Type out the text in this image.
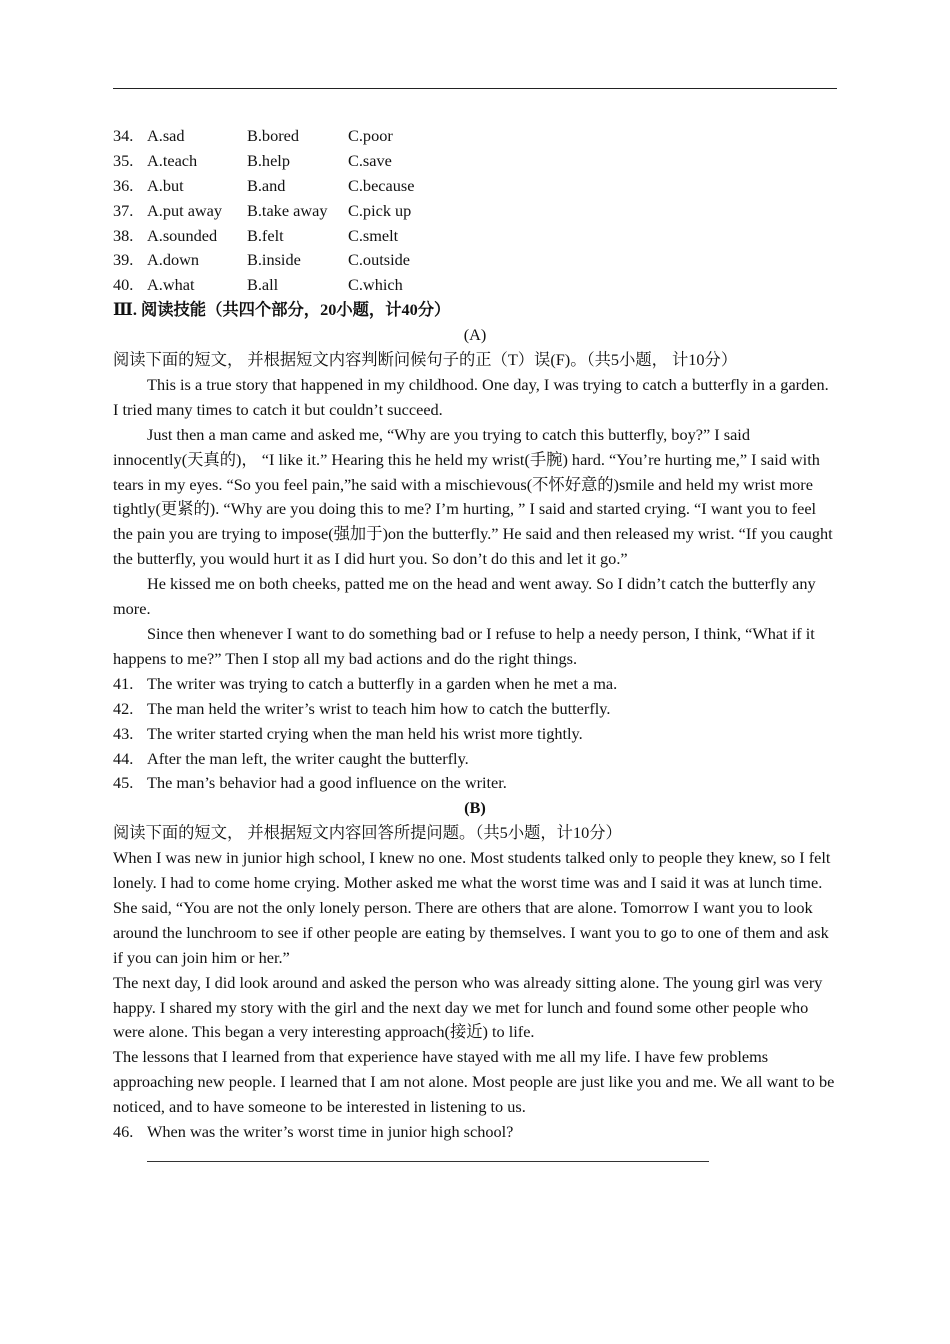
34. A.sad	B.bored	C.poor
35. A.teach	B.help	C.save
36. A.but	B.and	C.because
37. A.put away	B.take away	C.pick up
38. A.sounded	B.felt	C.smelt
39. A.down	B.inside	C.outside
40. A.what	B.all	C.which
Ⅲ. 阅读技能（共四个部分，20小题，计40分）
(A)
阅读下面的短文， 并根据短文内容判断问候句子的正（T）误(F)。（共5小题， 计10分）

This is a true story that happened in my childhood. One day, I was trying to catch a butterfly in a garden. I tried many times to catch it but couldn’t succeed.

Just then a man came and asked me, “Why are you trying to catch this butterfly, boy?” I said innocently(天真的)， “I like it.” Hearing this he held my wrist(手腕) hard. “You’re hurting me,” I said with tears in my eyes. “So you feel pain,”he said with a mischievous(不怀好意的)smile and held my wrist more tightly(更紧的). “Why are you doing this to me? I’m hurting, ” I said and started crying. “I want you to feel the pain you are trying to impose(强加于)on the butterfly.” He said and then released my wrist. “If you caught the butterfly, you would hurt it as I did hurt you. So don’t do this and let it go.”

He kissed me on both cheeks, patted me on the head and went away. So I didn’t catch the butterfly any more.

Since then whenever I want to do something bad or I refuse to help a needy person, I think, “What if it happens to me?” Then I stop all my bad actions and do the right things.

41. The writer was trying to catch a butterfly in a garden when he met a ma.
42. The man held the writer’s wrist to teach him how to catch the butterfly.
43. The writer started crying when the man held his wrist more tightly.
44. After the man left, the writer caught the butterfly.
45. The man’s behavior had a good influence on the writer.
(B)
阅读下面的短文， 并根据短文内容回答所提问题。（共5小题，计10分）

When I was new in junior high school, I knew no one. Most students talked only to people they knew, so I felt lonely. I had to come home crying. Mother asked me what the worst time was and I said it was at lunch time.

She said, “You are not the only lonely person. There are others that are alone. Tomorrow I want you to look around the lunchroom to see if other people are eating by themselves. I want you to go to one of them and ask if you can join him or her.”

The next day, I did look around and asked the person who was already sitting alone. The young girl was very happy. I shared my story with the girl and the next day we met for lunch and found some other people who were alone. This began a very interesting approach(接近) to life.

The lessons that I learned from that experience have stayed with me all my life. I have few problems approaching new people. I learned that I am not alone. Most people are just like you and me. We all want to be noticed, and to have someone to be interested in listening to us.

46. When was the writer’s worst time in junior high school?
